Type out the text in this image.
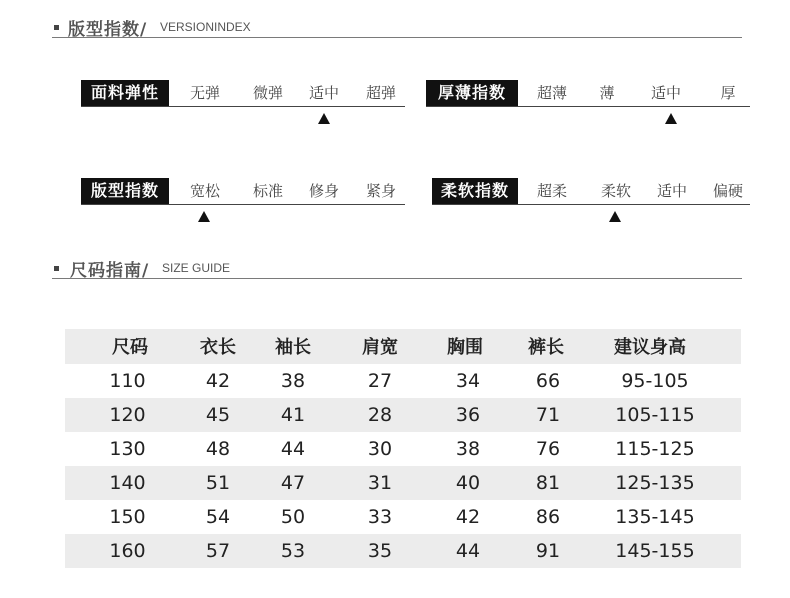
版型指数/ VERSIONINDEX
面料弹性	无弹	微弹	适中	超弹	厚薄指数	超薄	薄	适中	厚
版型指数	宽松	标准	修身	紧身	柔软指数	超柔	柔软	适中	偏硬
尺码指南/ SIZE GUIDE
尺码	衣长	袖长	肩宽	胸围	裤长	建议身高
110	42	38	27	34	66	95-105
120	45	41	28	36	71	105-115
130	48	44	30	38	76	115-125
140	51	47	31	40	81	125-135
150	54	50	33	42	86	135-145
160	57	53	35	44	91	145-155
